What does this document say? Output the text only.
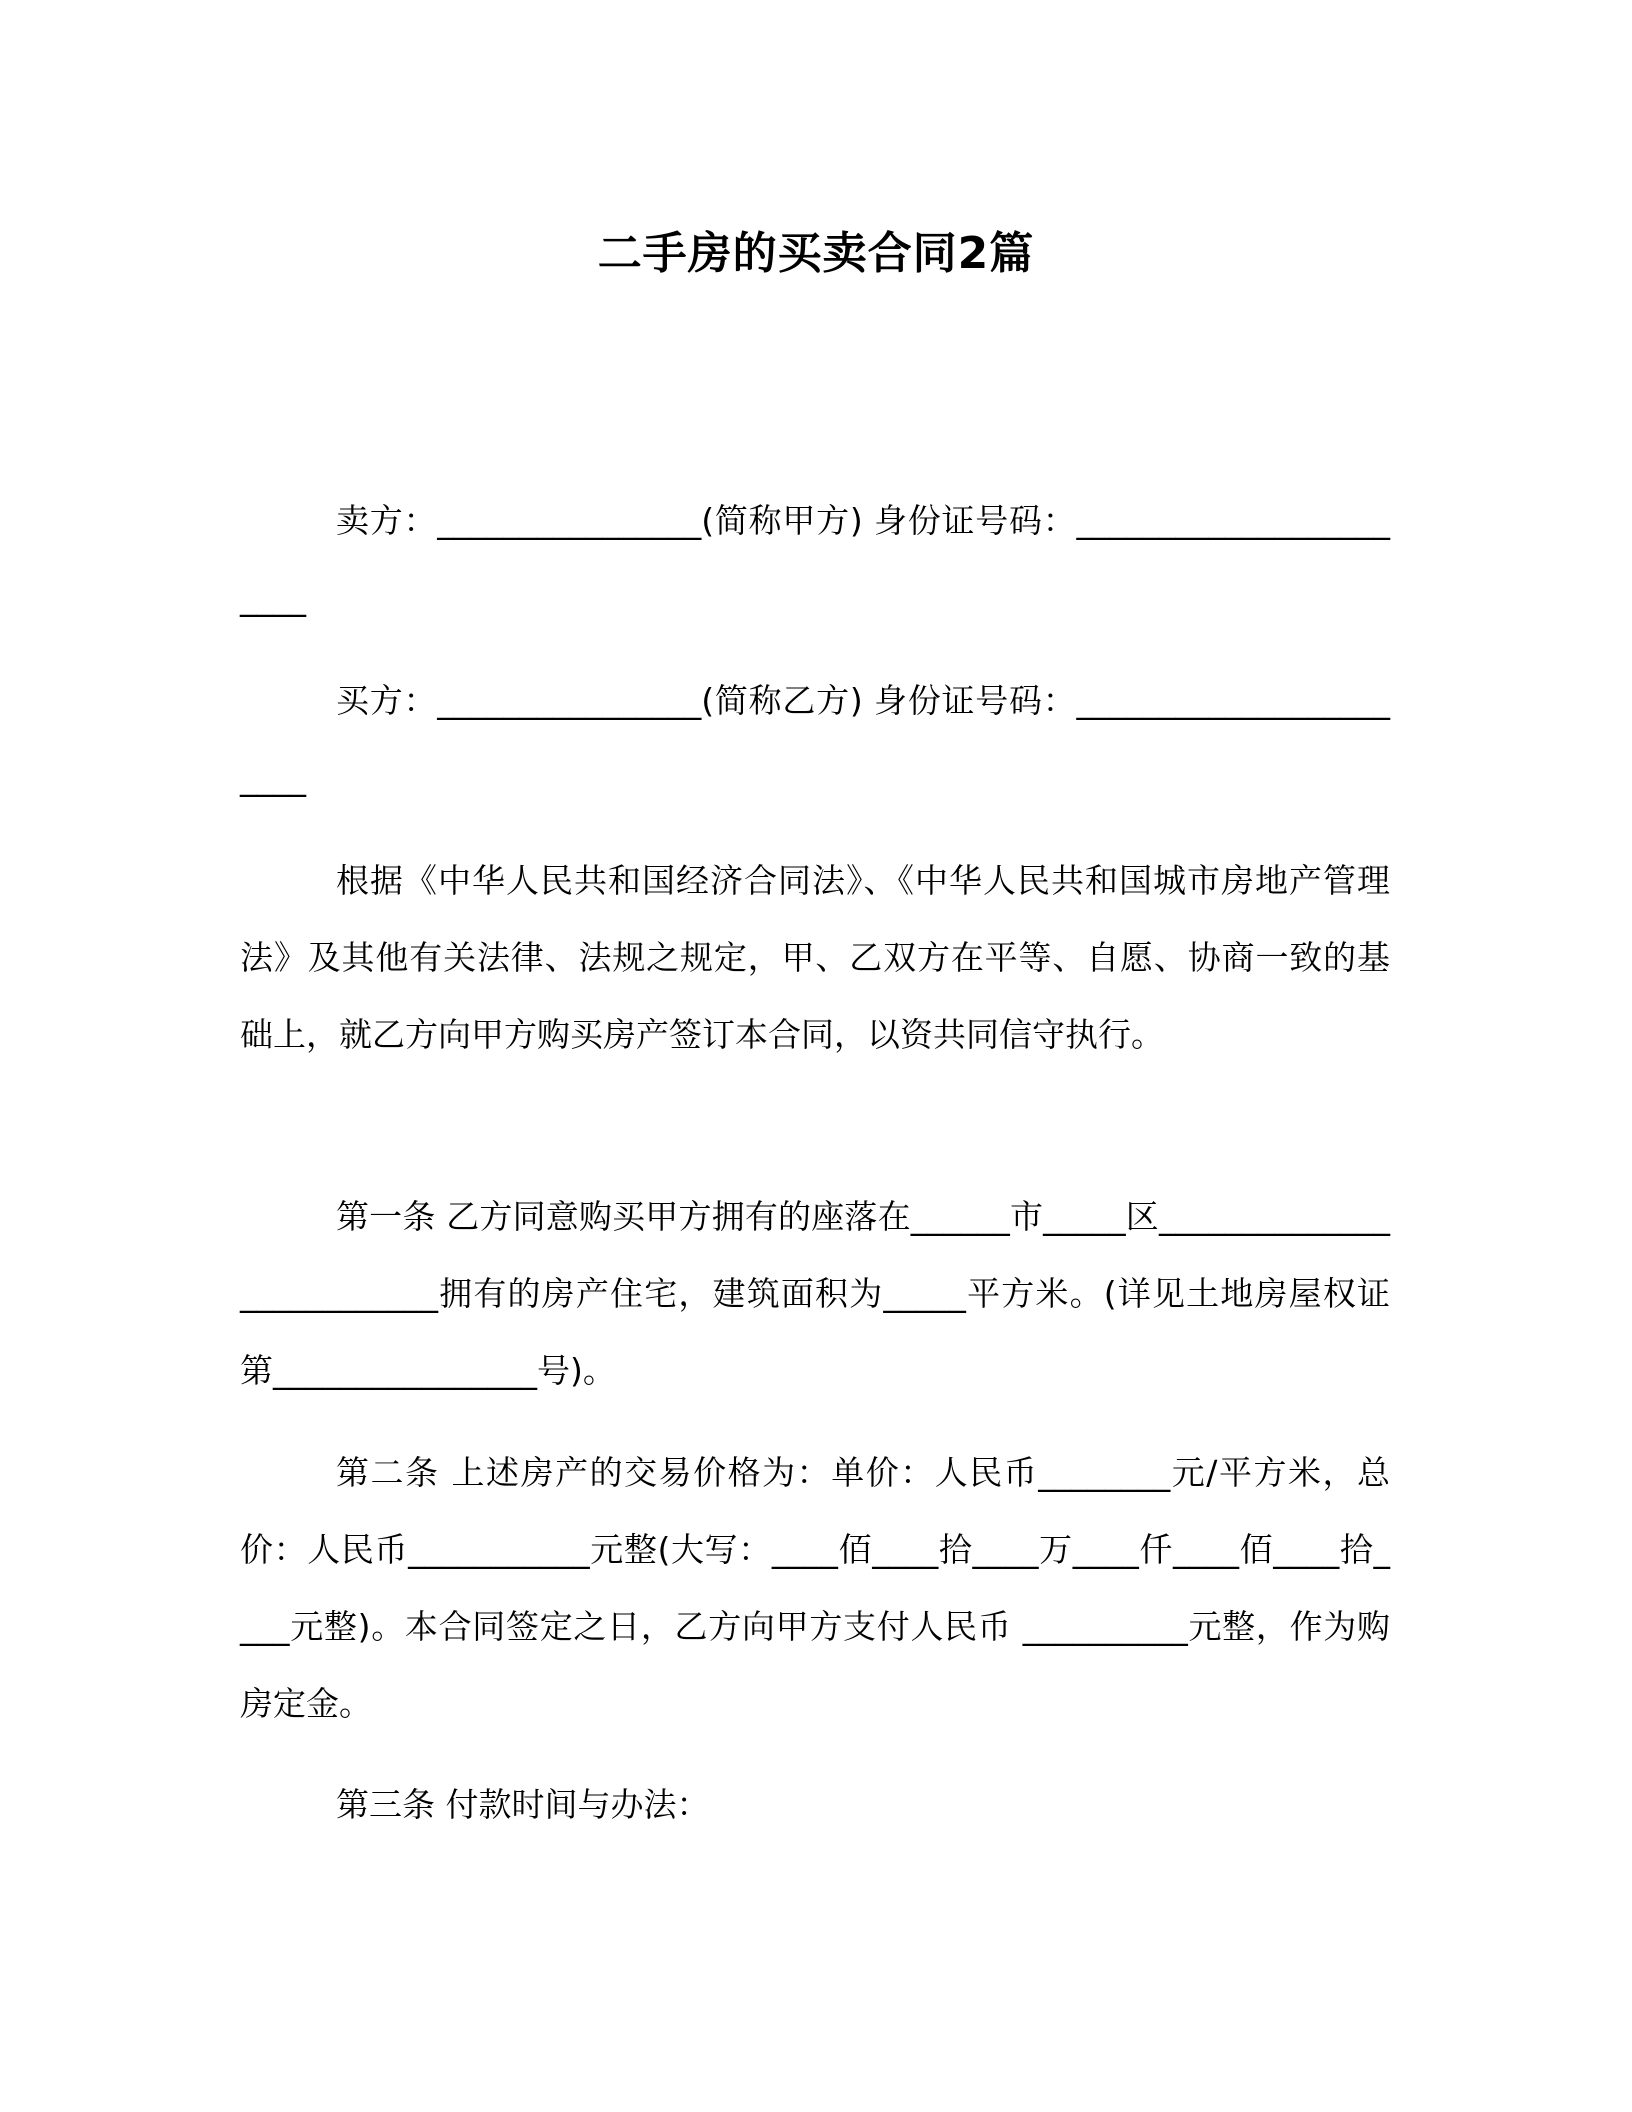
二手房的买卖合同2篇

卖方：________________(简称甲方) 身份证号码：_______________________

买方：________________(简称乙方) 身份证号码：_______________________

根据《中华人民共和国经济合同法》、《中华人民共和国城市房地产管理法》及其他有关法律、法规之规定，甲、乙双方在平等、自愿、协商一致的基础上，就乙方向甲方购买房产签订本合同，以资共同信守执行。

第一条 乙方同意购买甲方拥有的座落在______市_____区__________________________拥有的房产住宅，建筑面积为_____平方米。(详见土地房屋权证第________________号)。

第二条 上述房产的交易价格为：单价：人民币________元/平方米，总价：人民币___________元整(大写：____佰____拾____万____仟____佰____拾____元整)。本合同签定之日，乙方向甲方支付人民币 __________元整，作为购房定金。

第三条 付款时间与办法：
